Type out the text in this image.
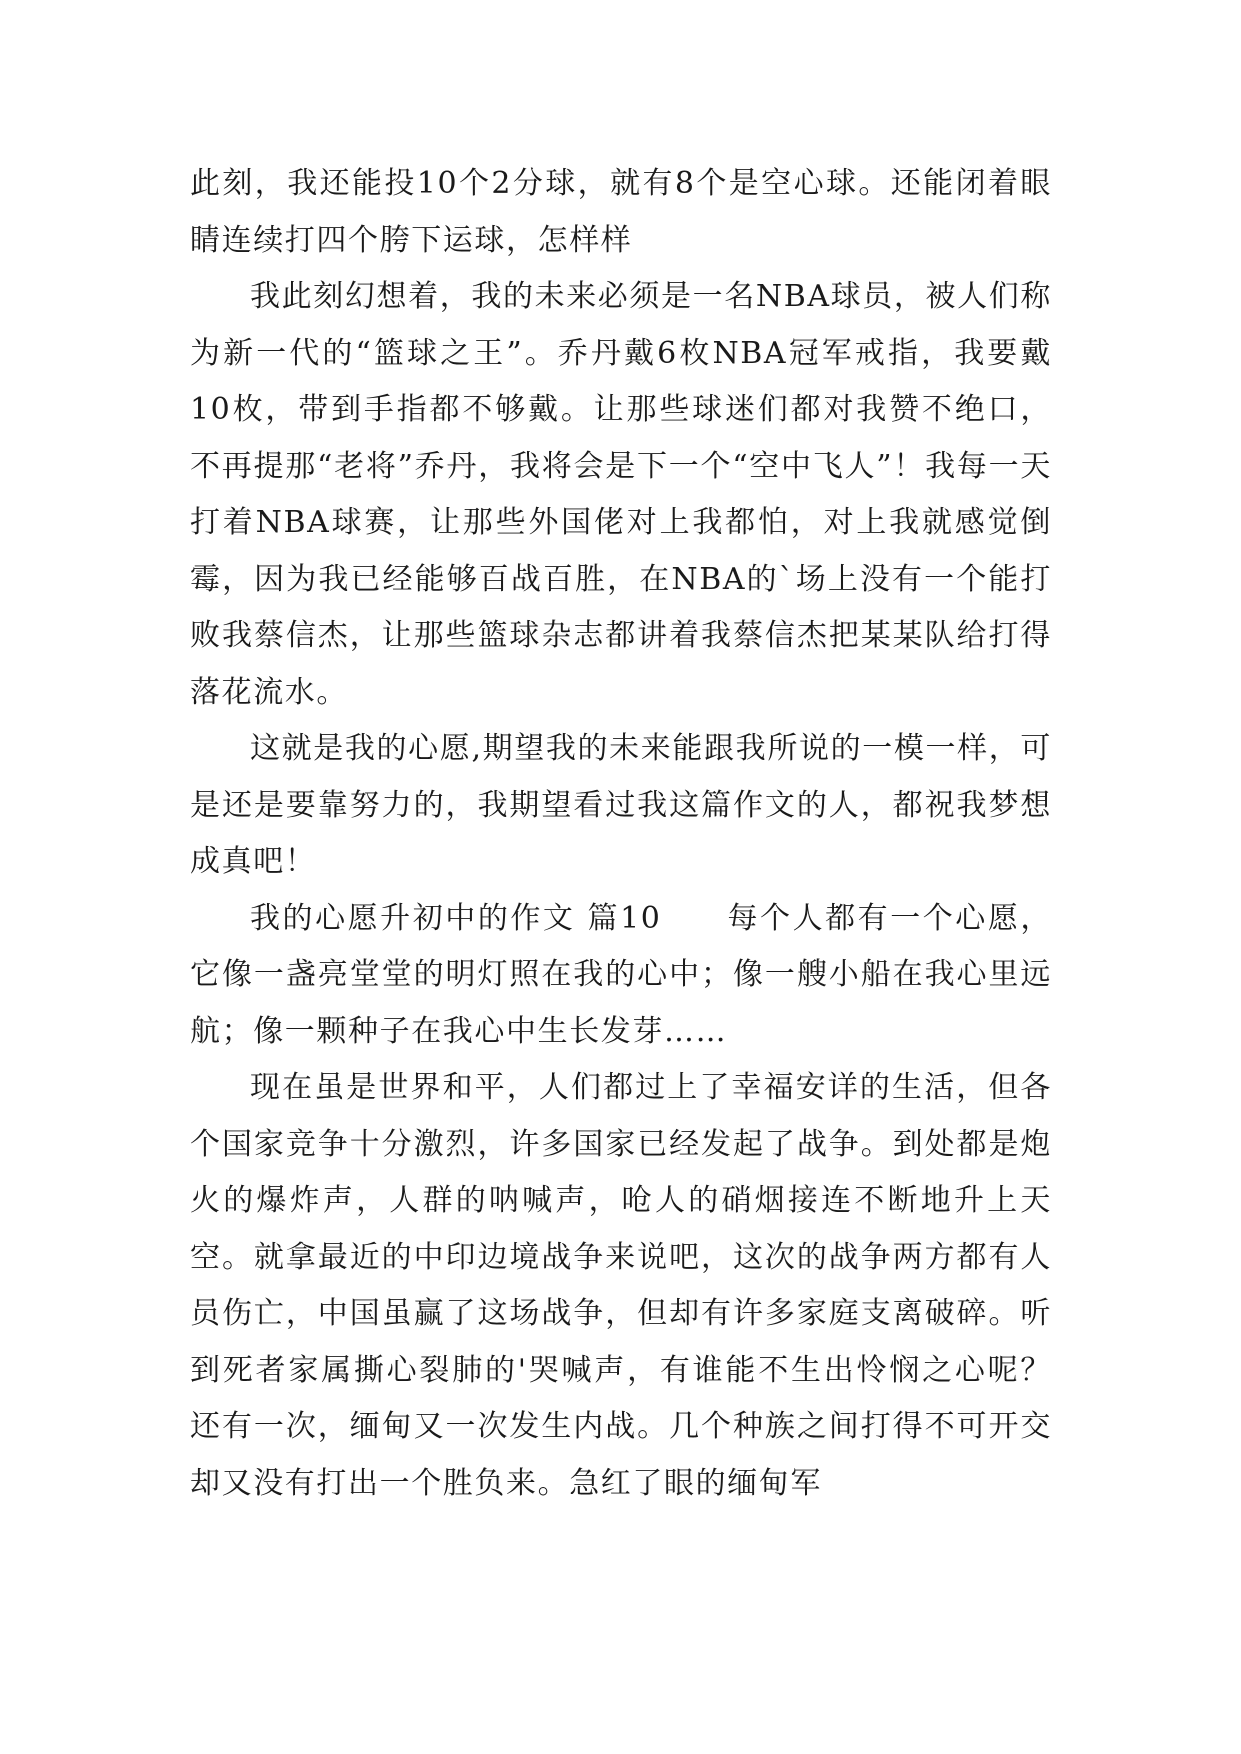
此刻，我还能投10个2分球，就有8个是空心球。还能闭着眼睛连续打四个胯下运球，怎样样

我此刻幻想着，我的未来必须是一名NBA球员，被人们称为新一代的“篮球之王”。乔丹戴6枚NBA冠军戒指，我要戴10枚，带到手指都不够戴。让那些球迷们都对我赞不绝口，不再提那“老将”乔丹，我将会是下一个“空中飞人”！我每一天打着NBA球赛，让那些外国佬对上我都怕，对上我就感觉倒霉，因为我已经能够百战百胜，在NBA的`场上没有一个能打败我蔡信杰，让那些篮球杂志都讲着我蔡信杰把某某队给打得落花流水。

这就是我的心愿,期望我的未来能跟我所说的一模一样，可是还是要靠努力的，我期望看过我这篇作文的人，都祝我梦想成真吧！

我的心愿升初中的作文 篇10　　每个人都有一个心愿，它像一盏亮堂堂的明灯照在我的心中；像一艘小船在我心里远航；像一颗种子在我心中生长发芽……

现在虽是世界和平，人们都过上了幸福安详的生活，但各个国家竞争十分激烈，许多国家已经发起了战争。到处都是炮火的爆炸声，人群的呐喊声，呛人的硝烟接连不断地升上天空。就拿最近的中印边境战争来说吧，这次的战争两方都有人员伤亡，中国虽赢了这场战争，但却有许多家庭支离破碎。听到死者家属撕心裂肺的'哭喊声，有谁能不生出怜悯之心呢？还有一次，缅甸又一次发生内战。几个种族之间打得不可开交却又没有打出一个胜负来。急红了眼的缅甸军
